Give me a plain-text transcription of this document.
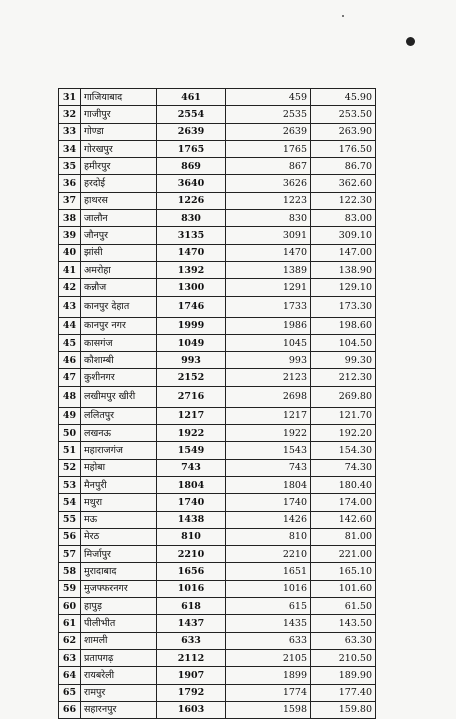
31	गाजियाबाद	461	459	45.90
32	गाजीपुर	2554	2535	253.50
33	गोण्डा	2639	2639	263.90
34	गोरखपुर	1765	1765	176.50
35	हमीरपुर	869	867	86.70
36	हरदोई	3640	3626	362.60
37	हाथरस	1226	1223	122.30
38	जालौन	830	830	83.00
39	जौनपुर	3135	3091	309.10
40	झांसी	1470	1470	147.00
41	अमरोहा	1392	1389	138.90
42	कन्नौज	1300	1291	129.10
43	कानपुर देहात	1746	1733	173.30
44	कानपुर नगर	1999	1986	198.60
45	कासगंज	1049	1045	104.50
46	कौशाम्बी	993	993	99.30
47	कुशीनगर	2152	2123	212.30
48	लखीमपुर खीरी	2716	2698	269.80
49	ललितपुर	1217	1217	121.70
50	लखनऊ	1922	1922	192.20
51	महाराजगंज	1549	1543	154.30
52	महोबा	743	743	74.30
53	मैनपुरी	1804	1804	180.40
54	मथुरा	1740	1740	174.00
55	मऊ	1438	1426	142.60
56	मेरठ	810	810	81.00
57	मिर्जापुर	2210	2210	221.00
58	मुरादाबाद	1656	1651	165.10
59	मुजफ्फरनगर	1016	1016	101.60
60	हापुड़	618	615	61.50
61	पीलीभीत	1437	1435	143.50
62	शामली	633	633	63.30
63	प्रतापगढ़	2112	2105	210.50
64	रायबरेली	1907	1899	189.90
65	रामपुर	1792	1774	177.40
66	सहारनपुर	1603	1598	159.80
